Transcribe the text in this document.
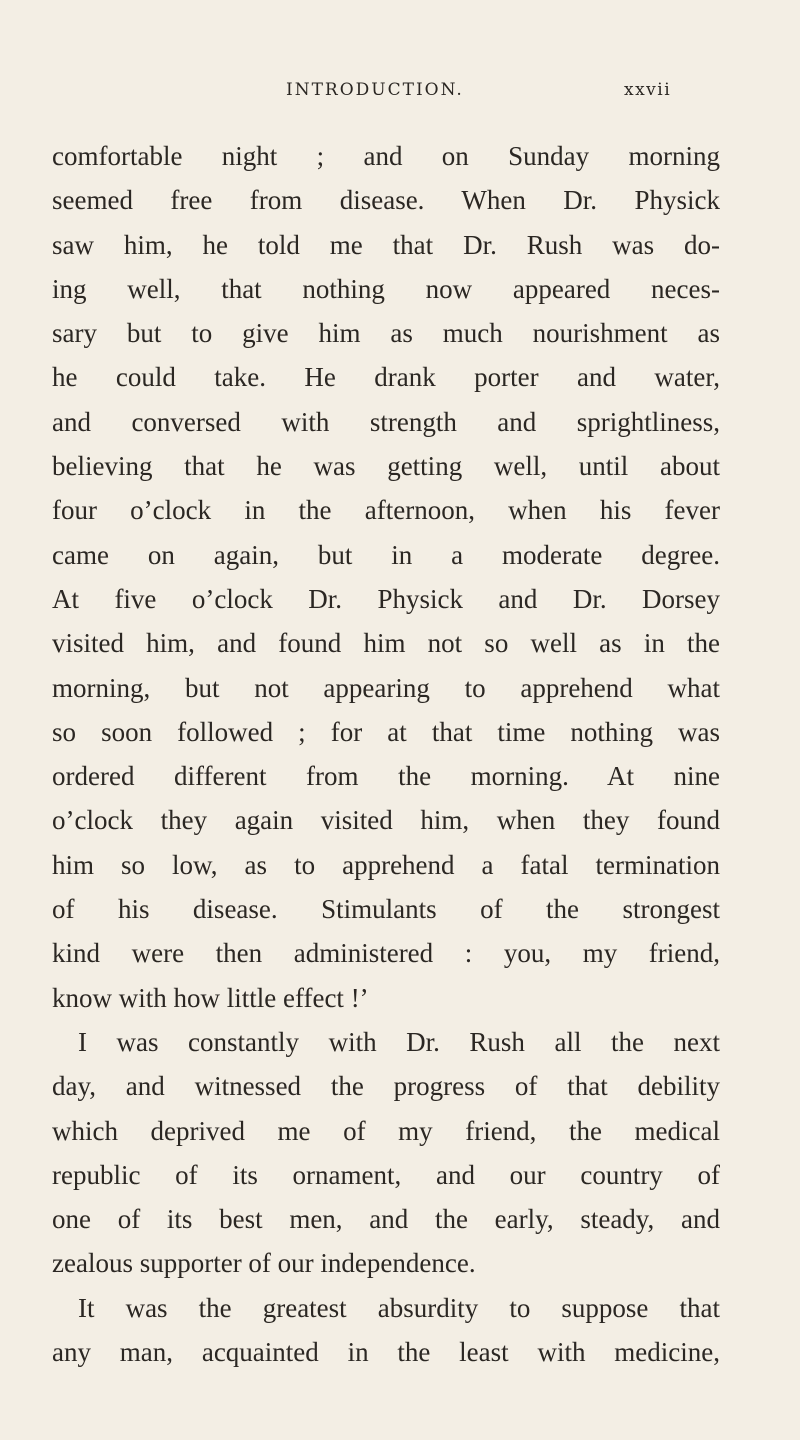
INTRODUCTION.	xxvii
comfortable night ; and on Sunday morning
seemed free from disease. When Dr. Physick
saw him, he told me that Dr. Rush was do-
ing well, that nothing now appeared neces-
sary but to give him as much nourishment as
he could take. He drank porter and water,
and conversed with strength and sprightliness,
believing that he was getting well, until about
four o’clock in the afternoon, when his fever
came on again, but in a moderate degree.
At five o’clock Dr. Physick and Dr. Dorsey
visited him, and found him not so well as in the
morning, but not appearing to apprehend what
so soon followed ; for at that time nothing was
ordered different from the morning. At nine
o’clock they again visited him, when they found
him so low, as to apprehend a fatal termination
of his disease. Stimulants of the strongest
kind were then administered : you, my friend,
know with how little effect !’
I was constantly with Dr. Rush all the next
day, and witnessed the progress of that debility
which deprived me of my friend, the medical
republic of its ornament, and our country of
one of its best men, and the early, steady, and
zealous supporter of our independence.
It was the greatest absurdity to suppose that
any man, acquainted in the least with medicine,
